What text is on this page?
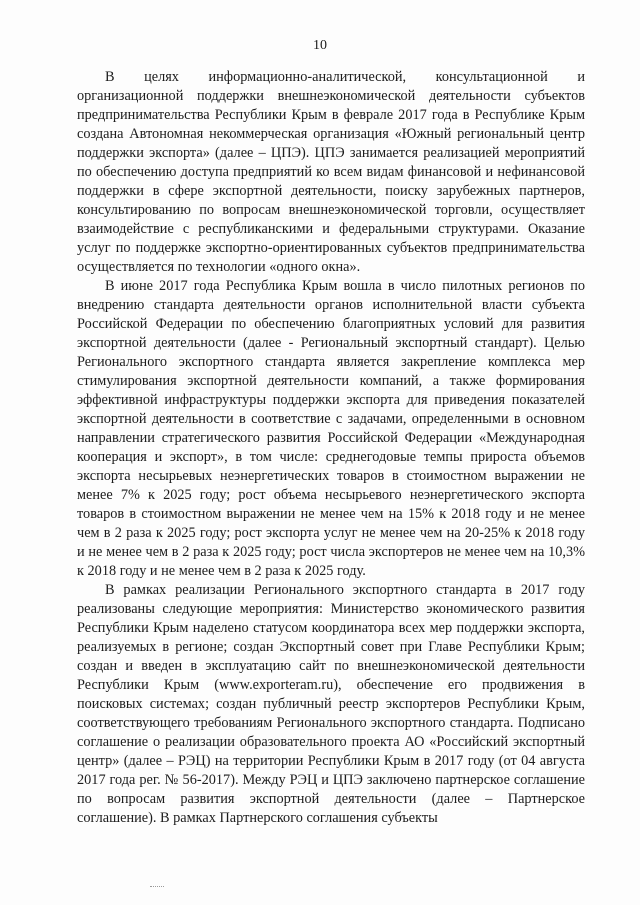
10

В целях информационно-аналитической, консультационной и организационной поддержки внешнеэкономической деятельности субъектов предпринимательства Республики Крым в феврале 2017 года в Республике Крым создана Автономная некоммерческая организация «Южный региональный центр поддержки экспорта» (далее – ЦПЭ). ЦПЭ занимается реализацией мероприятий по обеспечению доступа предприятий ко всем видам финансовой и нефинансовой поддержки в сфере экспортной деятельности, поиску зарубежных партнеров, консультированию по вопросам внешнеэкономической торговли, осуществляет взаимодействие с республиканскими и федеральными структурами. Оказание услуг по поддержке экспортно-ориентированных субъектов предпринимательства осуществляется по технологии «одного окна».

В июне 2017 года Республика Крым вошла в число пилотных регионов по внедрению стандарта деятельности органов исполнительной власти субъекта Российской Федерации по обеспечению благоприятных условий для развития экспортной деятельности (далее - Региональный экспортный стандарт). Целью Регионального экспортного стандарта является закрепление комплекса мер стимулирования экспортной деятельности компаний, а также формирования эффективной инфраструктуры поддержки экспорта для приведения показателей экспортной деятельности в соответствие с задачами, определенными в основном направлении стратегического развития Российской Федерации «Международная кооперация и экспорт», в том числе: среднегодовые темпы прироста объемов экспорта несырьевых неэнергетических товаров в стоимостном выражении не менее 7% к 2025 году; рост объема несырьевого неэнергетического экспорта товаров в стоимостном выражении не менее чем на 15% к 2018 году и не менее чем в 2 раза к 2025 году; рост экспорта услуг не менее чем на 20-25% к 2018 году и не менее чем в 2 раза к 2025 году; рост числа экспортеров не менее чем на 10,3% к 2018 году и не менее чем в 2 раза к 2025 году.

В рамках реализации Регионального экспортного стандарта в 2017 году реализованы следующие мероприятия: Министерство экономического развития Республики Крым наделено статусом координатора всех мер поддержки экспорта, реализуемых в регионе; создан Экспортный совет при Главе Республики Крым; создан и введен в эксплуатацию сайт по внешнеэкономической деятельности Республики Крым (www.exporteram.ru), обеспечение его продвижения в поисковых системах; создан публичный реестр экспортеров Республики Крым, соответствующего требованиям Регионального экспортного стандарта. Подписано соглашение о реализации образовательного проекта АО «Российский экспортный центр» (далее – РЭЦ) на территории Республики Крым в 2017 году (от 04 августа 2017 года рег. № 56-2017). Между РЭЦ и ЦПЭ заключено партнерское соглашение по вопросам развития экспортной деятельности (далее – Партнерское соглашение). В рамках Партнерского соглашения субъекты
